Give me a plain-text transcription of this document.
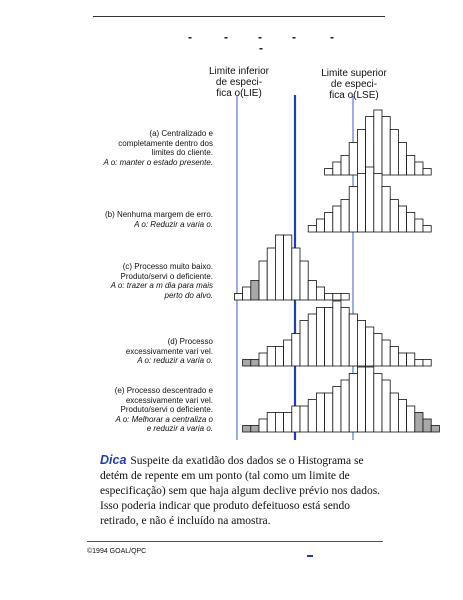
-	-	-	-	-
-
Limite inferior
de especi-
fica o(LIE)
Limite superior
de especi-
fica o(LSE)
(a) Centralizado e
completamente dentro dos
limites do cliente.
A o: manter o estado presente.
(b) Nenhuma margem de erro.
A o: Reduzir a varia o.
(c) Processo muito baixo.
Produto/servi o deficiente.
A o: trazer a m dia para mais
perto do alvo.
(d) Processo
excessivamente vari vel.
A o: reduzir a varia o.
(e) Processo descentrado e
excessivamente vari vel.
Produto/servi o deficiente.
A o: Melhorar a centraliza o
e reduzir a varia o.
Dica Suspeite da exatidão dos dados se o Histograma se detém de repente em um ponto (tal como um limite de especificação) sem que haja algum declive prévio nos dados. Isso poderia indicar que produto defeituoso está sendo retirado, e não é incluído na amostra.
©1994 GOAL/QPC
